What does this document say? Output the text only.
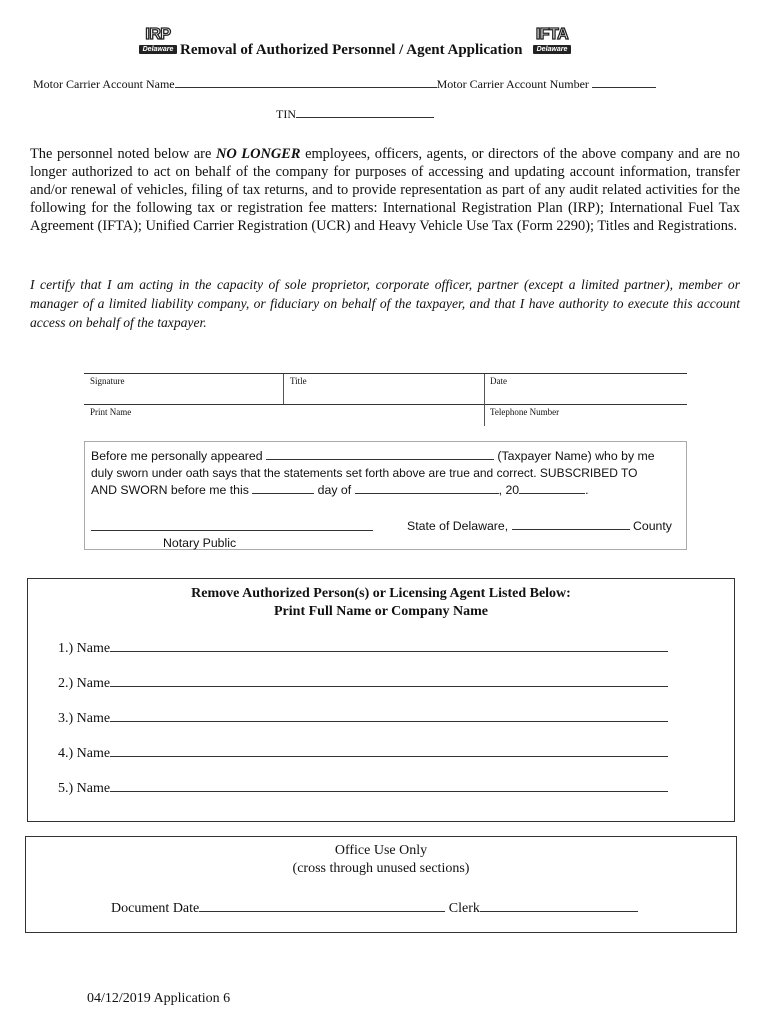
IRP
Delaware
IFTA
Delaware
Removal of Authorized Personnel / Agent Application
Motor Carrier Account Name	Motor Carrier Account Number
TIN
The personnel noted below are NO LONGER employees, officers, agents, or directors of the above company and are no longer authorized to act on behalf of the company for purposes of accessing and updating account information, transfer and/or renewal of vehicles, filing of tax returns, and to provide representation as part of any audit related activities for the following for the following tax or registration fee matters: International Registration Plan (IRP); International Fuel Tax Agreement (IFTA); Unified Carrier Registration (UCR) and Heavy Vehicle Use Tax (Form 2290); Titles and Registrations.
I certify that I am acting in the capacity of sole proprietor, corporate officer, partner (except a limited partner), member or manager of a limited liability company, or fiduciary on behalf of the taxpayer, and that I have authority to execute this account access on behalf of the taxpayer.
Signature	Title	Date
Print Name	Telephone Number
Before me personally appeared	(Taxpayer Name) who by me
duly sworn under oath says that the statements set forth above are true and correct. SUBSCRIBED TO
AND SWORN before me this	day of	, 20	.
State of Delaware,	County
Notary Public
Remove Authorized Person(s) or Licensing Agent Listed Below:
Print Full Name or Company Name
1.) Name
2.) Name
3.) Name
4.) Name
5.) Name
Office Use Only
(cross through unused sections)
Document Date	Clerk
04/12/2019 Application 6
